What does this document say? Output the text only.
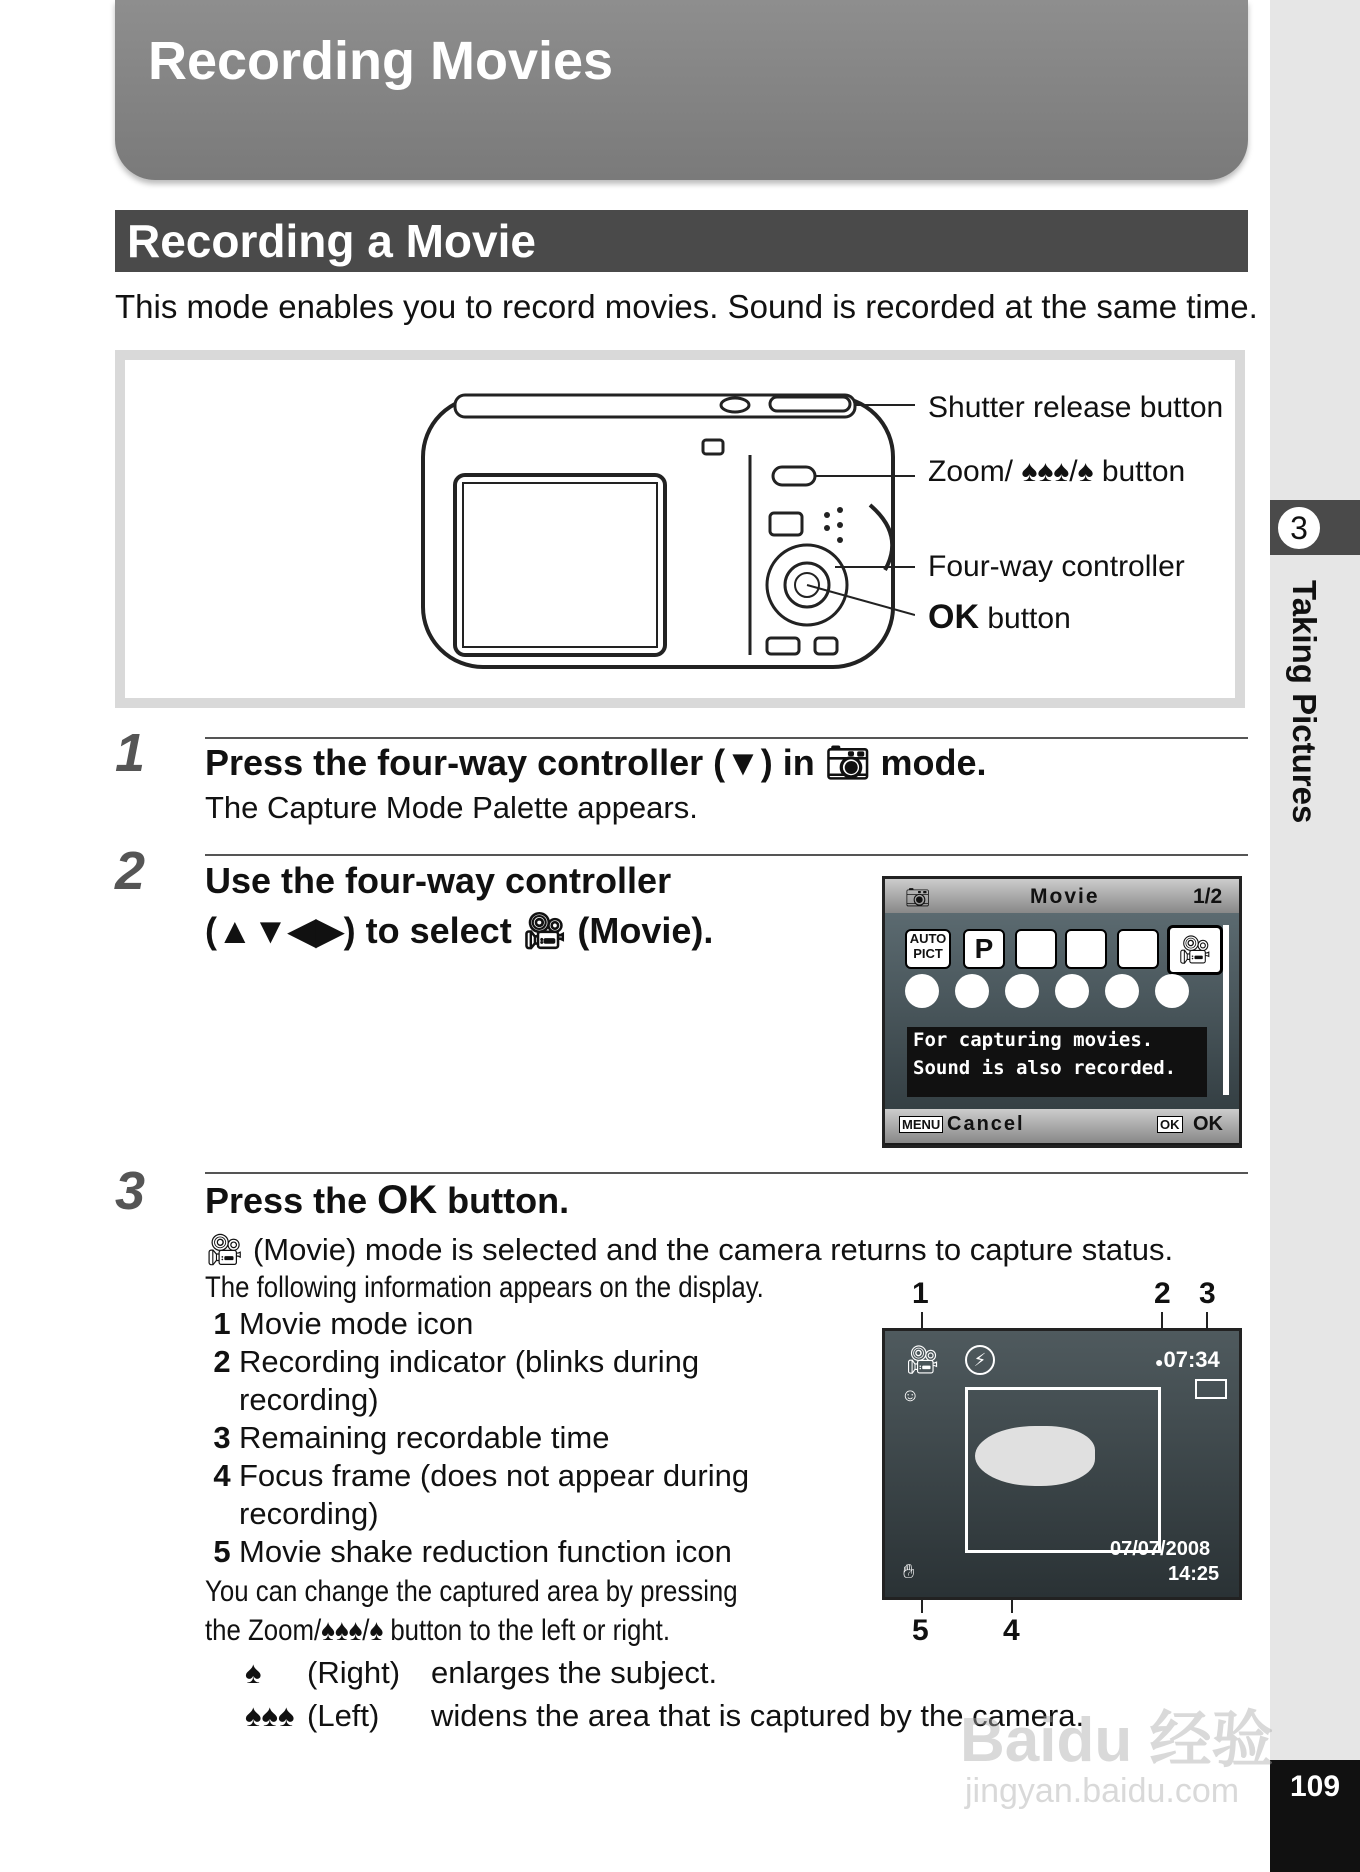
3
Taking Pictures
109
Recording Movies
Recording a Movie
This mode enables you to record movies. Sound is recorded at the same time.
Shutter release button
Zoom/ ♠♠♠/♠ button
Four-way controller
OK button
1 Press the four-way controller (▼) in 📷︎ mode.
The Capture Mode Palette appears.
2 Use the four-way controller
(▲▼◀▶) to select 🎥︎ (Movie).
📷︎	Movie	1/2
AUTO PICT	P	🎥︎
For capturing movies.
Sound is also recorded.
MENU Cancel	OK OK
3 Press the OK button.
🎥︎ (Movie) mode is selected and the camera returns to capture status.
The following information appears on the display.
1 Movie mode icon
2 Recording indicator (blinks during
recording)
3 Remaining recordable time
4 Focus frame (does not appear during
recording)
5 Movie shake reduction function icon
You can change the captured area by pressing
the Zoom/♠♠♠/♠ button to the left or right.
♠ (Right) enlarges the subject.
♠♠♠ (Left) widens the area that is captured by the camera.
1	2 3
4
5
🎥︎	⚡︎	●07:34
☺
07/07/2008
14:25
✋︎
Baidu 经验
jingyan.baidu.com
